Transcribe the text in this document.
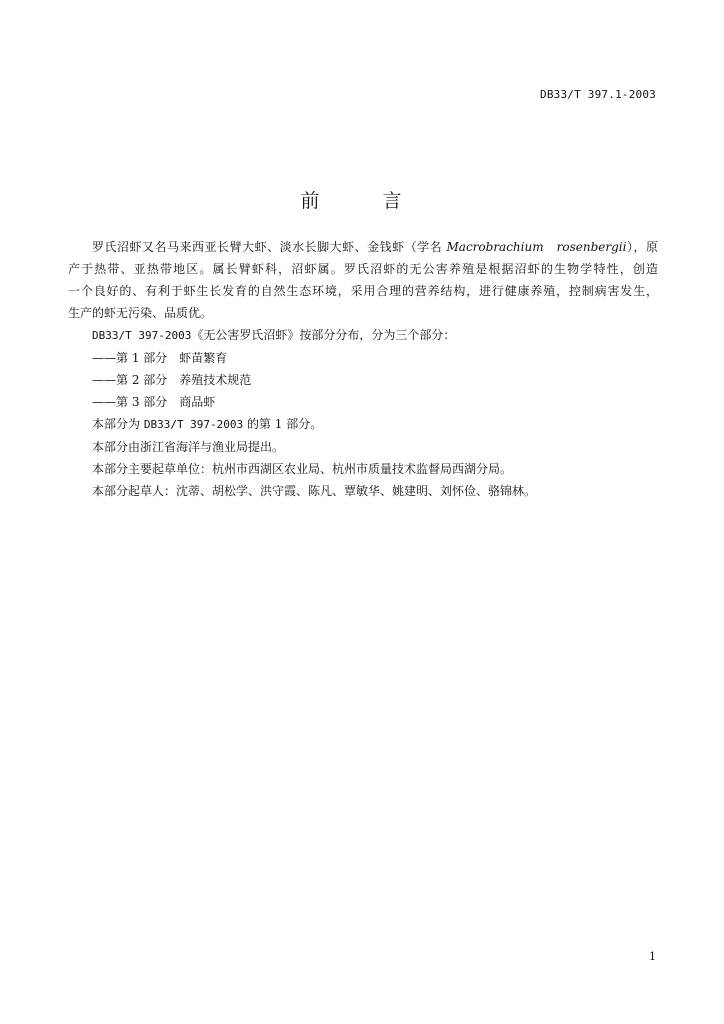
DB33/T 397.1-2003
前　言

罗氏沼虾又名马来西亚长臂大虾、淡水长脚大虾、金钱虾（学名 Macrobrachium　 rosenbergii），原

产于热带、亚热带地区。属长臂虾科，沼虾属。罗氏沼虾的无公害养殖是根据沼虾的生物学特性，创造

一个良好的、有利于虾生长发育的自然生态环境，采用合理的营养结构，进行健康养殖，控制病害发生，

生产的虾无污染、品质优。

DB33/T 397-2003《无公害罗氏沼虾》按部分分布，分为三个部分：

——第 1 部分　虾苗繁育

——第 2 部分　养殖技术规范

——第 3 部分　商品虾

本部分为 DB33/T 397-2003 的第 1 部分。

本部分由浙江省海洋与渔业局提出。

本部分主要起草单位：杭州市西湖区农业局、杭州市质量技术监督局西湖分局。

本部分起草人：沈蒂、胡松学、洪守霞、陈凡、覃敏华、姚建明、刘怀俭、骆锦林。

1
